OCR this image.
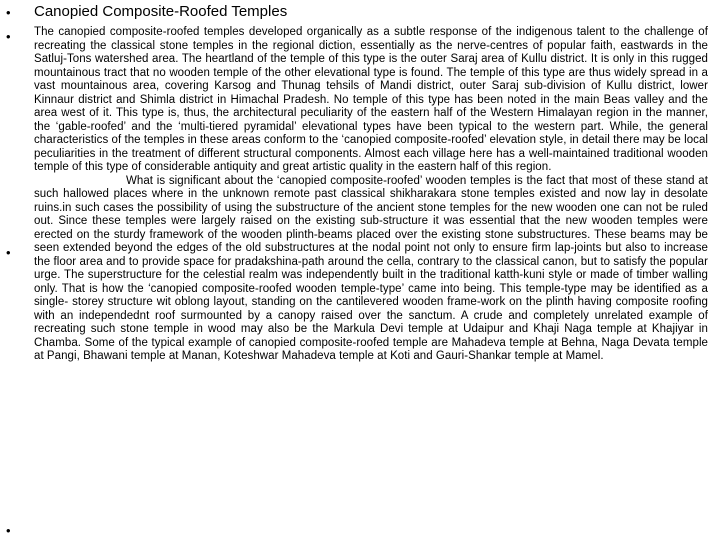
•
•
•
•
Canopied Composite-Roofed Temples

The canopied composite-roofed temples developed organically as a subtle response of the indigenous talent to the challenge of recreating the classical stone temples in the regional diction, essentially as the nerve-centres of popular faith, eastwards in the Satluj-Tons watershed area. The heartland of the temple of this type is the outer Saraj area of Kullu district. It is only in this rugged mountainous tract that no wooden temple of the other elevational type is found. The temple of this type are thus widely spread in a vast mountainous area, covering Karsog and Thunag tehsils of Mandi district, outer Saraj sub-division of Kullu district, lower Kinnaur district and Shimla district in Himachal Pradesh. No temple of this type has been noted in the main Beas valley and the area west of it. This type is, thus, the architectural peculiarity of the eastern half of the Western Himalayan region in the manner, the ‘gable-roofed’ and the ‘multi-tiered pyramidal’ elevational types have been typical to the western part. While, the general characteristics of the temples in these areas conform to the ‘canopied composite-roofed’ elevation style, in detail there may be local peculiarities in the treatment of different structural components. Almost each village here has a well-maintained traditional wooden temple of this type of considerable antiquity and great artistic quality in the eastern half of this region.

What is significant about the ‘canopied composite-roofed’ wooden temples is the fact that most of these stand at such hallowed places where in the unknown remote past classical shikharakara stone temples existed and now lay in desolate ruins.in such cases the possibility of using the substructure of the ancient stone temples for the new wooden one can not be ruled out. Since these temples were largely raised on the existing sub-structure it was essential that the new wooden temples were erected on the sturdy framework of the wooden plinth-beams placed over the existing stone substructures. These beams may be seen extended beyond the edges of the old substructures at the nodal point not only to ensure firm lap-joints but also to increase the floor area and to provide space for pradakshina-path around the cella, contrary to the classical canon, but to satisfy the popular urge. The superstructure for the celestial realm was independently built in the traditional katth-kuni style or made of timber walling only. That is how the ‘canopied composite-roofed wooden temple-type’ came into being. This temple-type may be identified as a single- storey structure wit oblong layout, standing on the cantilevered wooden frame-work on the plinth having composite roofing with an independednt roof surmounted by a canopy raised over the sanctum. A crude and completely unrelated example of recreating such stone temple in wood may also be the Markula Devi temple at Udaipur and Khaji Naga temple at Khajiyar in Chamba. Some of the typical example of canopied composite-roofed temple are Mahadeva temple at Behna, Naga Devata temple at Pangi, Bhawani temple at Manan, Koteshwar Mahadeva temple at Koti and Gauri-Shankar temple at Mamel.
